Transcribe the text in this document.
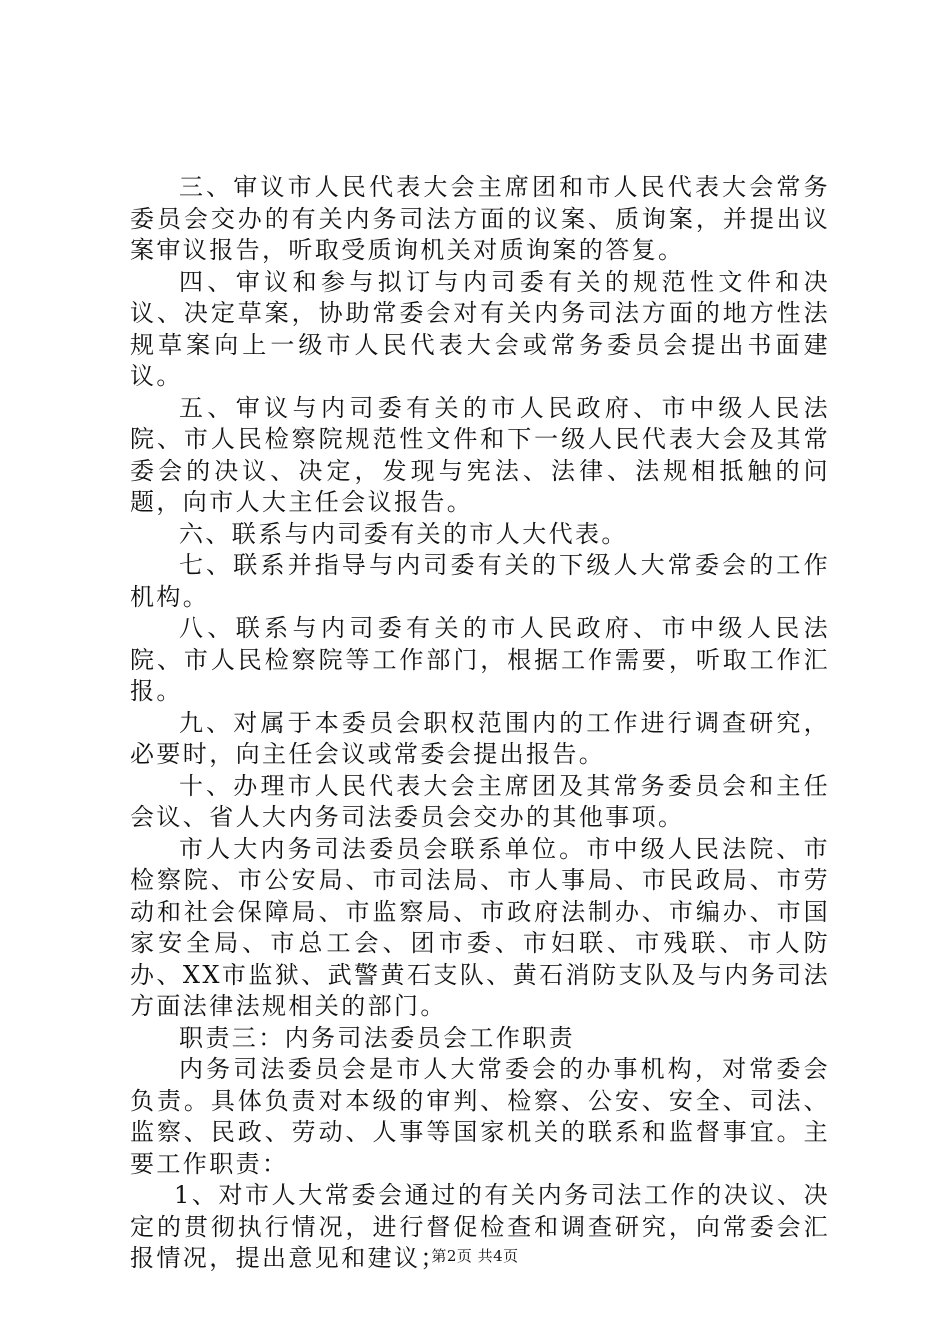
三、审议市人民代表大会主席团和市人民代表大会常务委员会交办的有关内务司法方面的议案、质询案，并提出议案审议报告，听取受质询机关对质询案的答复。

四、审议和参与拟订与内司委有关的规范性文件和决议、决定草案，协助常委会对有关内务司法方面的地方性法规草案向上一级市人民代表大会或常务委员会提出书面建议。

五、审议与内司委有关的市人民政府、市中级人民法院、市人民检察院规范性文件和下一级人民代表大会及其常委会的决议、决定，发现与宪法、法律、法规相抵触的问题，向市人大主任会议报告。

六、联系与内司委有关的市人大代表。

七、联系并指导与内司委有关的下级人大常委会的工作机构。

八、联系与内司委有关的市人民政府、市中级人民法院、市人民检察院等工作部门，根据工作需要，听取工作汇报。

九、对属于本委员会职权范围内的工作进行调查研究，必要时，向主任会议或常委会提出报告。

十、办理市人民代表大会主席团及其常务委员会和主任会议、省人大内务司法委员会交办的其他事项。

市人大内务司法委员会联系单位。市中级人民法院、市检察院、市公安局、市司法局、市人事局、市民政局、市劳动和社会保障局、市监察局、市政府法制办、市编办、市国家安全局、市总工会、团市委、市妇联、市残联、市人防办、XX市监狱、武警黄石支队、黄石消防支队及与内务司法方面法律法规相关的部门。

职责三：内务司法委员会工作职责

内务司法委员会是市人大常委会的办事机构，对常委会负责。具体负责对本级的审判、检察、公安、安全、司法、监察、民政、劳动、人事等国家机关的联系和监督事宜。主要工作职责：

1、对市人大常委会通过的有关内务司法工作的决议、决定的贯彻执行情况，进行督促检查和调查研究，向常委会汇报情况，提出意见和建议；

第2页 共4页
